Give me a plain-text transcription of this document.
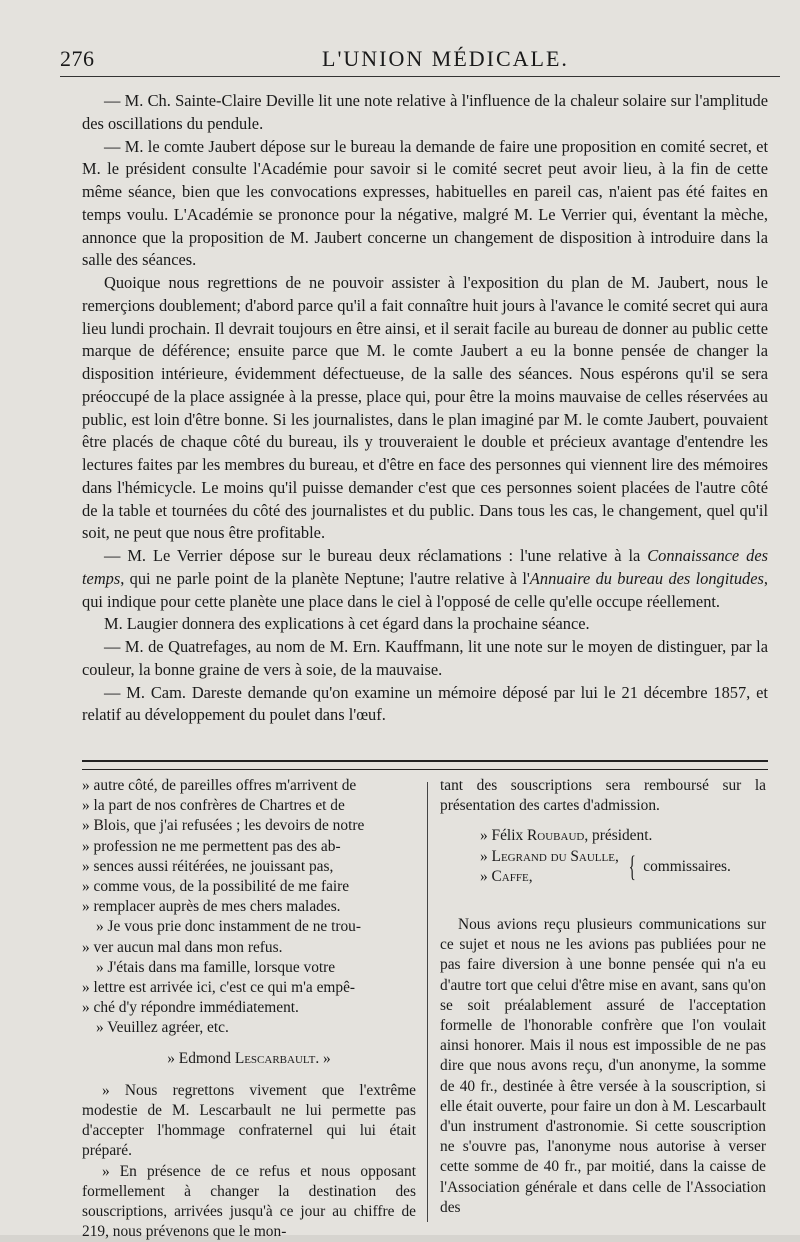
276	L'UNION MÉDICALE.

— M. Ch. Sainte-Claire Deville lit une note relative à l'influence de la chaleur solaire sur l'amplitude des oscillations du pendule.

— M. le comte Jaubert dépose sur le bureau la demande de faire une proposition en comité secret, et M. le président consulte l'Académie pour savoir si le comité secret peut avoir lieu, à la fin de cette même séance, bien que les convocations expresses, habituelles en pareil cas, n'aient pas été faites en temps voulu. L'Académie se prononce pour la négative, malgré M. Le Verrier qui, éventant la mèche, annonce que la proposition de M. Jaubert concerne un changement de disposition à introduire dans la salle des séances.

Quoique nous regrettions de ne pouvoir assister à l'exposition du plan de M. Jaubert, nous le remerçions doublement; d'abord parce qu'il a fait connaître huit jours à l'avance le comité secret qui aura lieu lundi prochain. Il devrait toujours en être ainsi, et il serait facile au bureau de donner au public cette marque de déférence; ensuite parce que M. le comte Jaubert a eu la bonne pensée de changer la disposition intérieure, évidemment défectueuse, de la salle des séances. Nous espérons qu'il se sera préoccupé de la place assignée à la presse, place qui, pour être la moins mauvaise de celles réservées au public, est loin d'être bonne. Si les journalistes, dans le plan imaginé par M. le comte Jaubert, pouvaient être placés de chaque côté du bureau, ils y trouveraient le double et précieux avantage d'entendre les lectures faites par les membres du bureau, et d'être en face des personnes qui viennent lire des mémoires dans l'hémicycle. Le moins qu'il puisse demander c'est que ces personnes soient placées de l'autre côté de la table et tournées du côté des journalistes et du public. Dans tous les cas, le changement, quel qu'il soit, ne peut que nous être profitable.

— M. Le Verrier dépose sur le bureau deux réclamations : l'une relative à la Connaissance des temps, qui ne parle point de la planète Neptune; l'autre relative à l'Annuaire du bureau des longitudes, qui indique pour cette planète une place dans le ciel à l'opposé de celle qu'elle occupe réellement.

M. Laugier donnera des explications à cet égard dans la prochaine séance.

— M. de Quatrefages, au nom de M. Ern. Kauffmann, lit une note sur le moyen de distinguer, par la couleur, la bonne graine de vers à soie, de la mauvaise.

— M. Cam. Dareste demande qu'on examine un mémoire déposé par lui le 21 décembre 1857, et relatif au développement du poulet dans l'œuf.

» autre côté, de pareilles offres m'arrivent de

» la part de nos confrères de Chartres et de

» Blois, que j'ai refusées ; les devoirs de notre

» profession ne me permettent pas des ab-

» sences aussi réitérées, ne jouissant pas,

» comme vous, de la possibilité de me faire

» remplacer auprès de mes chers malades.

» Je vous prie donc instamment de ne trou-

» ver aucun mal dans mon refus.

» J'étais dans ma famille, lorsque votre

» lettre est arrivée ici, c'est ce qui m'a empê-

» ché d'y répondre immédiatement.

» Veuillez agréer, etc.

» Edmond Lescarbault. »

» Nous regrettons vivement que l'extrême modestie de M. Lescarbault ne lui permette pas d'accepter l'hommage confraternel qui lui était préparé.

» En présence de ce refus et nous opposant formellement à changer la destination des souscriptions, arrivées jusqu'à ce jour au chiffre de 219, nous prévenons que le mon-

tant des souscriptions sera remboursé sur la présentation des cartes d'admission.

» Félix Roubaud, président.

» Legrand du Saulle,

» Caffe,	{ commissaires.

Nous avions reçu plusieurs communications sur ce sujet et nous ne les avions pas publiées pour ne pas faire diversion à une bonne pensée qui n'a eu d'autre tort que celui d'être mise en avant, sans qu'on se soit préalablement assuré de l'acceptation formelle de l'honorable confrère que l'on voulait ainsi honorer. Mais il nous est impossible de ne pas dire que nous avons reçu, d'un anonyme, la somme de 40 fr., destinée à être versée à la souscription, si elle était ouverte, pour faire un don à M. Lescarbault d'un instrument d'astronomie. Si cette souscription ne s'ouvre pas, l'anonyme nous autorise à verser cette somme de 40 fr., par moitié, dans la caisse de l'Association générale et dans celle de l'Association des
